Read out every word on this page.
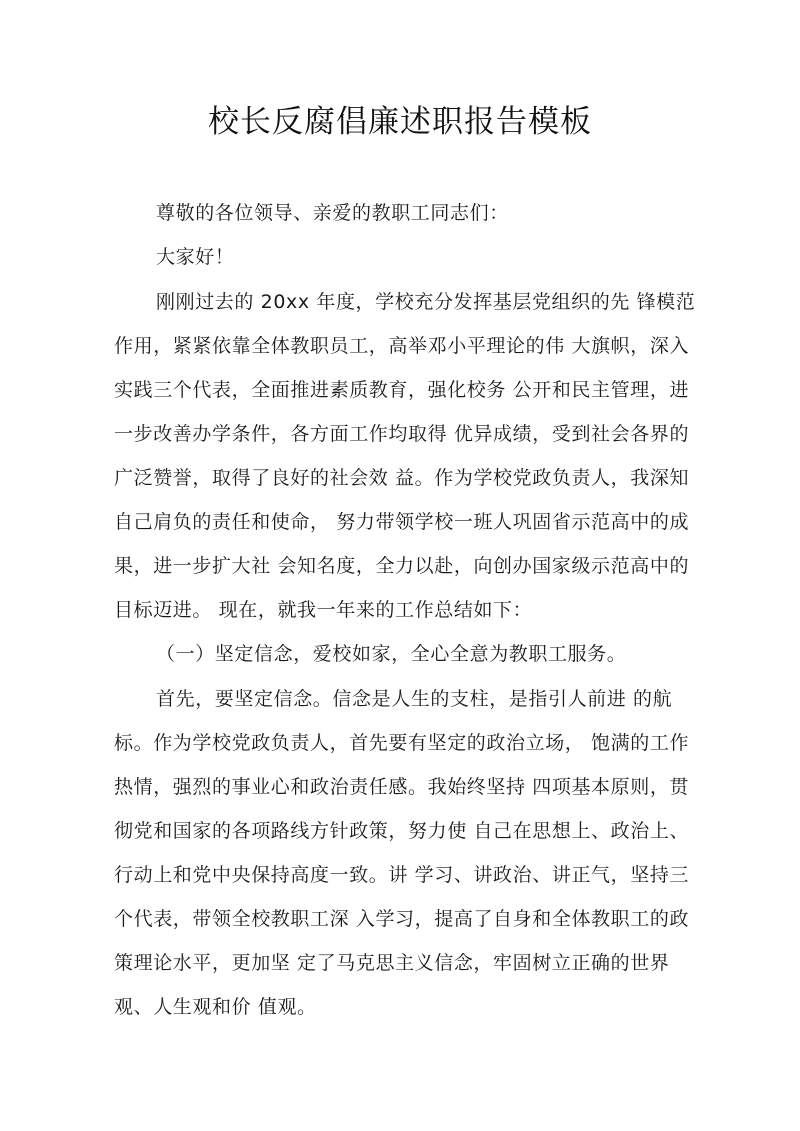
校长反腐倡廉述职报告模板
尊敬的各位领导、亲爱的教职工同志们：
大家好！
刚刚过去的 20xx 年度，学校充分发挥基层党组织的先 锋模范
作用，紧紧依靠全体教职员工，高举邓小平理论的伟 大旗帜，深入
实践三个代表，全面推进素质教育，强化校务 公开和民主管理，进
一步改善办学条件，各方面工作均取得 优异成绩，受到社会各界的
广泛赞誉，取得了良好的社会效 益。作为学校党政负责人，我深知
自己肩负的责任和使命， 努力带领学校一班人巩固省示范高中的成
果，进一步扩大社 会知名度，全力以赴，向创办国家级示范高中的
目标迈进。 现在，就我一年来的工作总结如下：
（一）坚定信念，爱校如家，全心全意为教职工服务。
首先，要坚定信念。信念是人生的支柱，是指引人前进 的航
标。作为学校党政负责人，首先要有坚定的政治立场， 饱满的工作
热情，强烈的事业心和政治责任感。我始终坚持 四项基本原则，贯
彻党和国家的各项路线方针政策，努力使 自己在思想上、政治上、
行动上和党中央保持高度一致。讲 学习、讲政治、讲正气，坚持三
个代表，带领全校教职工深 入学习，提高了自身和全体教职工的政
策理论水平，更加坚 定了马克思主义信念，牢固树立正确的世界
观、人生观和价 值观。
